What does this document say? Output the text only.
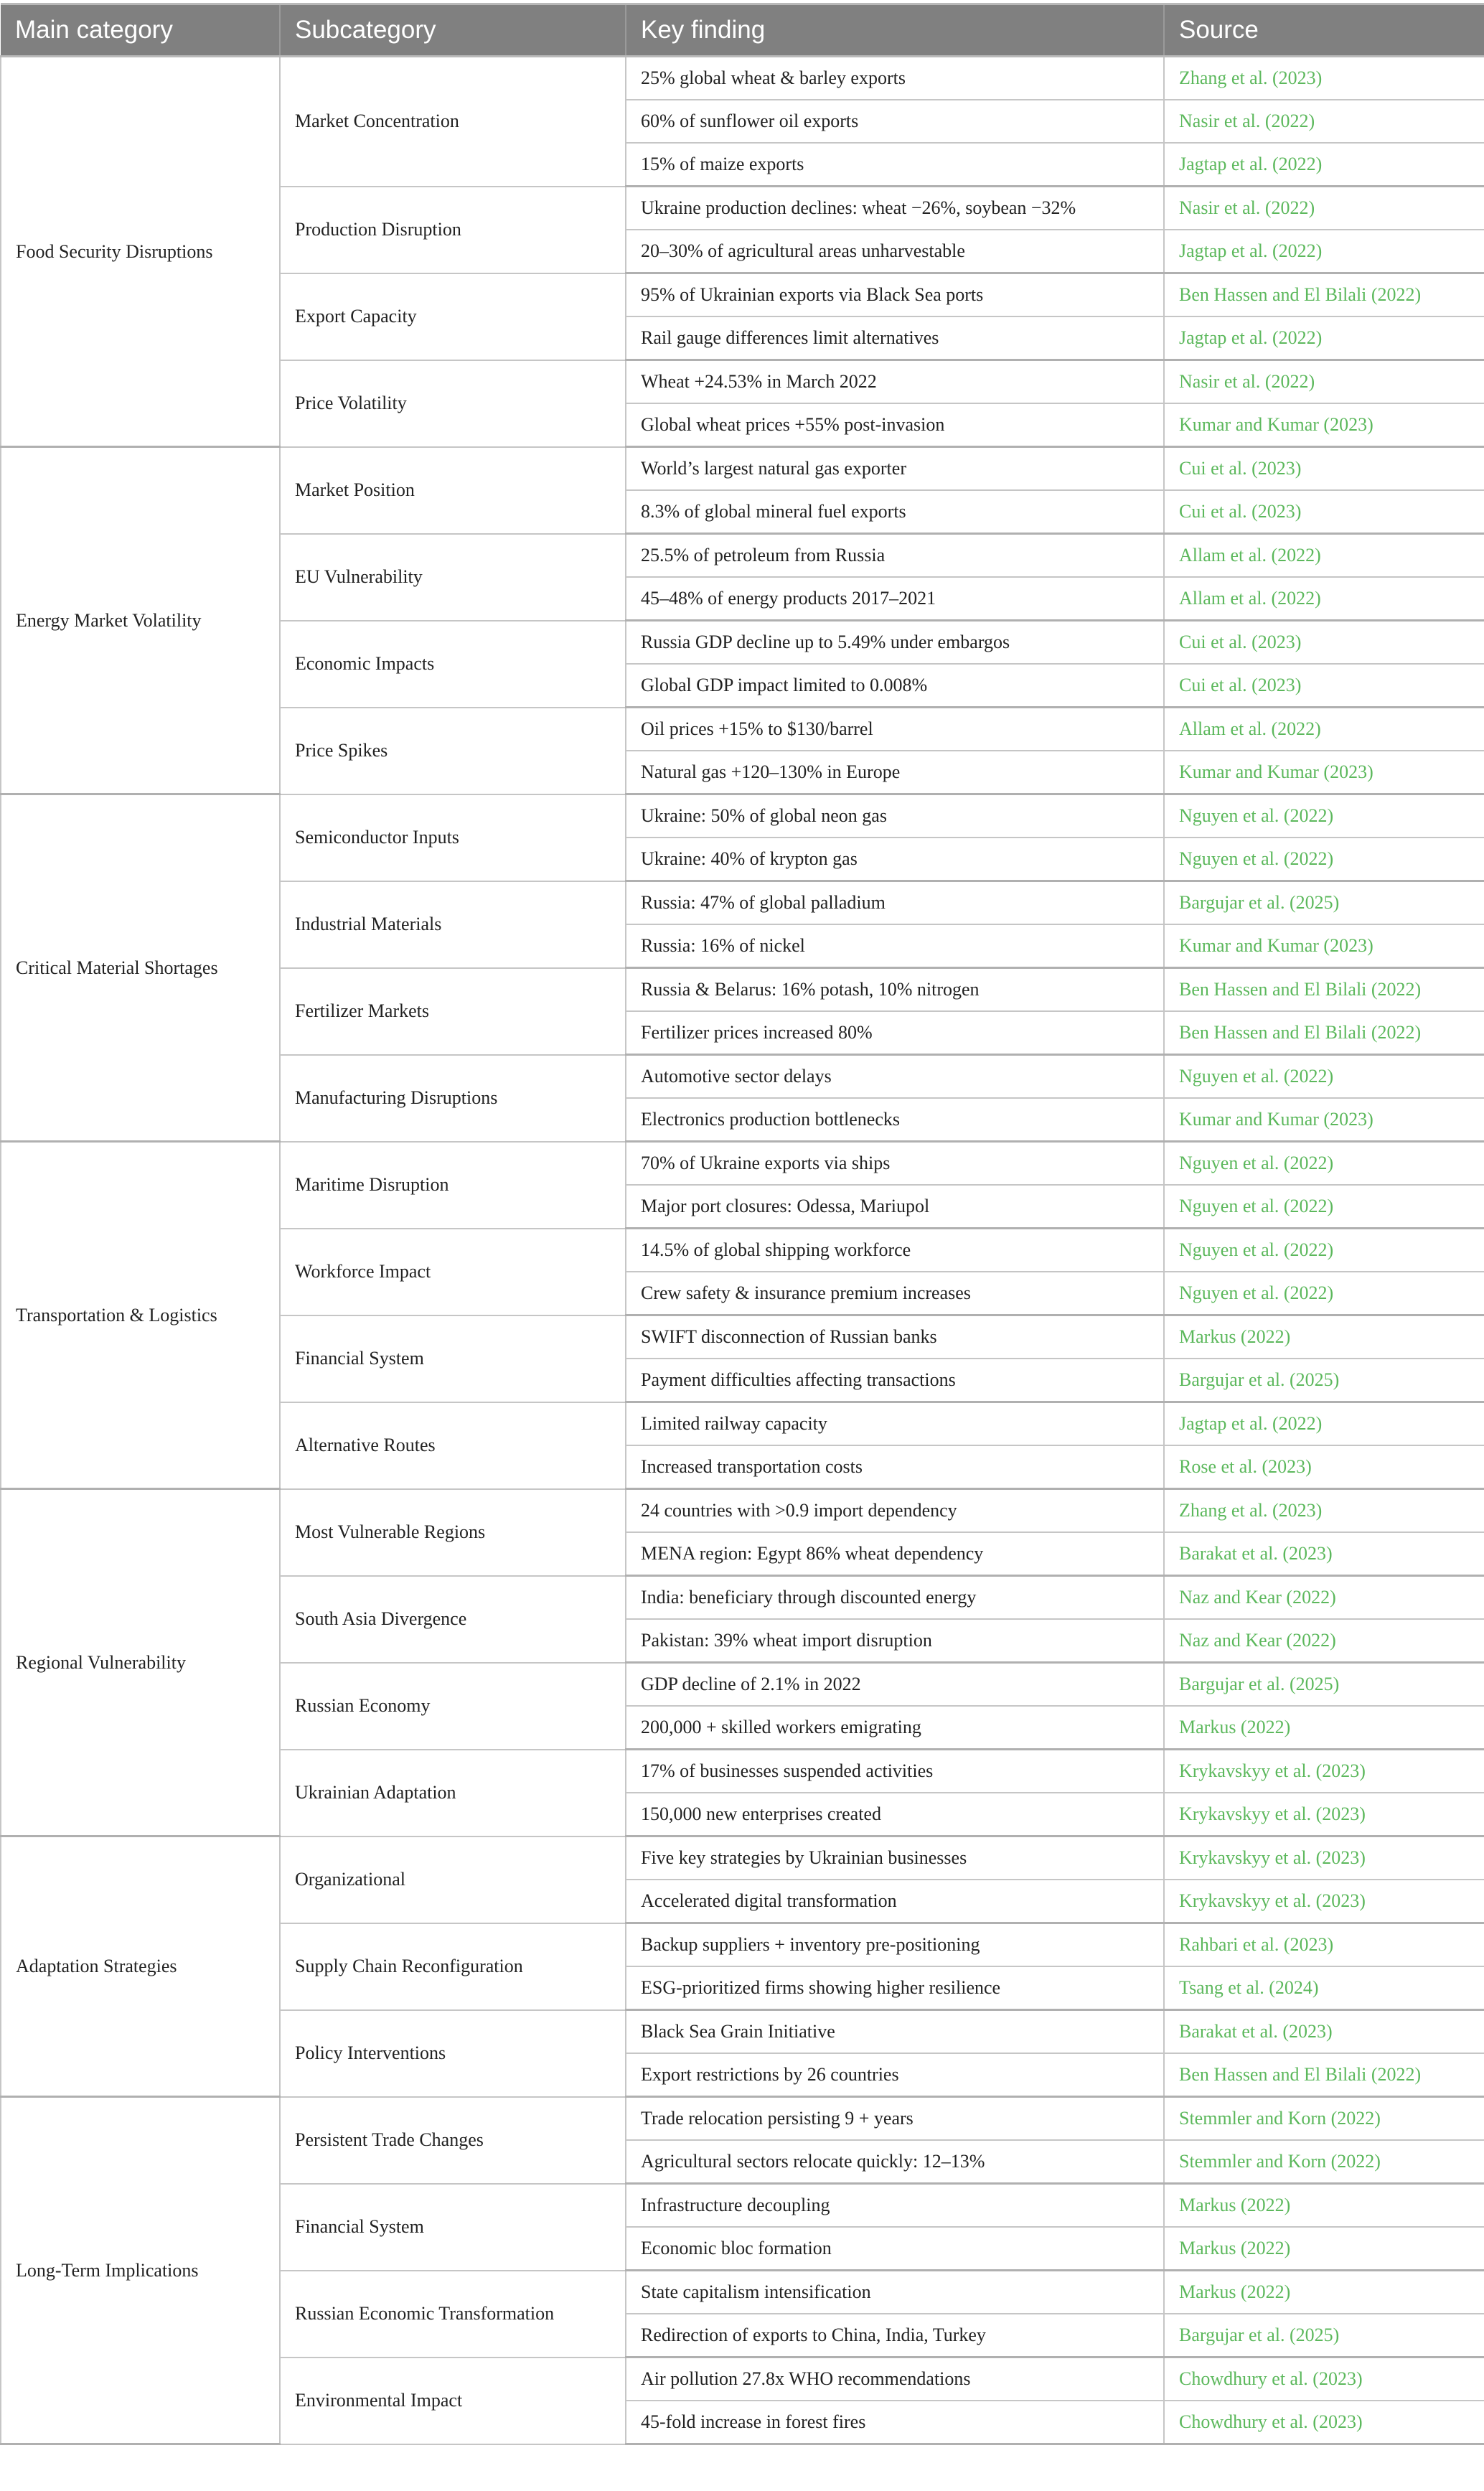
Main category	Subcategory	Key finding	Source
Food Security Disruptions	Market Concentration	25% global wheat & barley exports	Zhang et al. (2023)
		60% of sunflower oil exports	Nasir et al. (2022)
		15% of maize exports	Jagtap et al. (2022)
	Production Disruption	Ukraine production declines: wheat −26%, soybean −32%	Nasir et al. (2022)
		20–30% of agricultural areas unharvestable	Jagtap et al. (2022)
	Export Capacity	95% of Ukrainian exports via Black Sea ports	Ben Hassen and El Bilali (2022)
		Rail gauge differences limit alternatives	Jagtap et al. (2022)
	Price Volatility	Wheat +24.53% in March 2022	Nasir et al. (2022)
		Global wheat prices +55% post-invasion	Kumar and Kumar (2023)
Energy Market Volatility	Market Position	World’s largest natural gas exporter	Cui et al. (2023)
		8.3% of global mineral fuel exports	Cui et al. (2023)
	EU Vulnerability	25.5% of petroleum from Russia	Allam et al. (2022)
		45–48% of energy products 2017–2021	Allam et al. (2022)
	Economic Impacts	Russia GDP decline up to 5.49% under embargos	Cui et al. (2023)
		Global GDP impact limited to 0.008%	Cui et al. (2023)
	Price Spikes	Oil prices +15% to $130/barrel	Allam et al. (2022)
		Natural gas +120–130% in Europe	Kumar and Kumar (2023)
Critical Material Shortages	Semiconductor Inputs	Ukraine: 50% of global neon gas	Nguyen et al. (2022)
		Ukraine: 40% of krypton gas	Nguyen et al. (2022)
	Industrial Materials	Russia: 47% of global palladium	Bargujar et al. (2025)
		Russia: 16% of nickel	Kumar and Kumar (2023)
	Fertilizer Markets	Russia & Belarus: 16% potash, 10% nitrogen	Ben Hassen and El Bilali (2022)
		Fertilizer prices increased 80%	Ben Hassen and El Bilali (2022)
	Manufacturing Disruptions	Automotive sector delays	Nguyen et al. (2022)
		Electronics production bottlenecks	Kumar and Kumar (2023)
Transportation & Logistics	Maritime Disruption	70% of Ukraine exports via ships	Nguyen et al. (2022)
		Major port closures: Odessa, Mariupol	Nguyen et al. (2022)
	Workforce Impact	14.5% of global shipping workforce	Nguyen et al. (2022)
		Crew safety & insurance premium increases	Nguyen et al. (2022)
	Financial System	SWIFT disconnection of Russian banks	Markus (2022)
		Payment difficulties affecting transactions	Bargujar et al. (2025)
	Alternative Routes	Limited railway capacity	Jagtap et al. (2022)
		Increased transportation costs	Rose et al. (2023)
Regional Vulnerability	Most Vulnerable Regions	24 countries with >0.9 import dependency	Zhang et al. (2023)
		MENA region: Egypt 86% wheat dependency	Barakat et al. (2023)
	South Asia Divergence	India: beneficiary through discounted energy	Naz and Kear (2022)
		Pakistan: 39% wheat import disruption	Naz and Kear (2022)
	Russian Economy	GDP decline of 2.1% in 2022	Bargujar et al. (2025)
		200,000 + skilled workers emigrating	Markus (2022)
	Ukrainian Adaptation	17% of businesses suspended activities	Krykavskyy et al. (2023)
		150,000 new enterprises created	Krykavskyy et al. (2023)
Adaptation Strategies	Organizational	Five key strategies by Ukrainian businesses	Krykavskyy et al. (2023)
		Accelerated digital transformation	Krykavskyy et al. (2023)
	Supply Chain Reconfiguration	Backup suppliers + inventory pre-positioning	Rahbari et al. (2023)
		ESG-prioritized firms showing higher resilience	Tsang et al. (2024)
	Policy Interventions	Black Sea Grain Initiative	Barakat et al. (2023)
		Export restrictions by 26 countries	Ben Hassen and El Bilali (2022)
Long-Term Implications	Persistent Trade Changes	Trade relocation persisting 9 + years	Stemmler and Korn (2022)
		Agricultural sectors relocate quickly: 12–13%	Stemmler and Korn (2022)
	Financial System	Infrastructure decoupling	Markus (2022)
		Economic bloc formation	Markus (2022)
	Russian Economic Transformation	State capitalism intensification	Markus (2022)
		Redirection of exports to China, India, Turkey	Bargujar et al. (2025)
	Environmental Impact	Air pollution 27.8x WHO recommendations	Chowdhury et al. (2023)
		45-fold increase in forest fires	Chowdhury et al. (2023)
